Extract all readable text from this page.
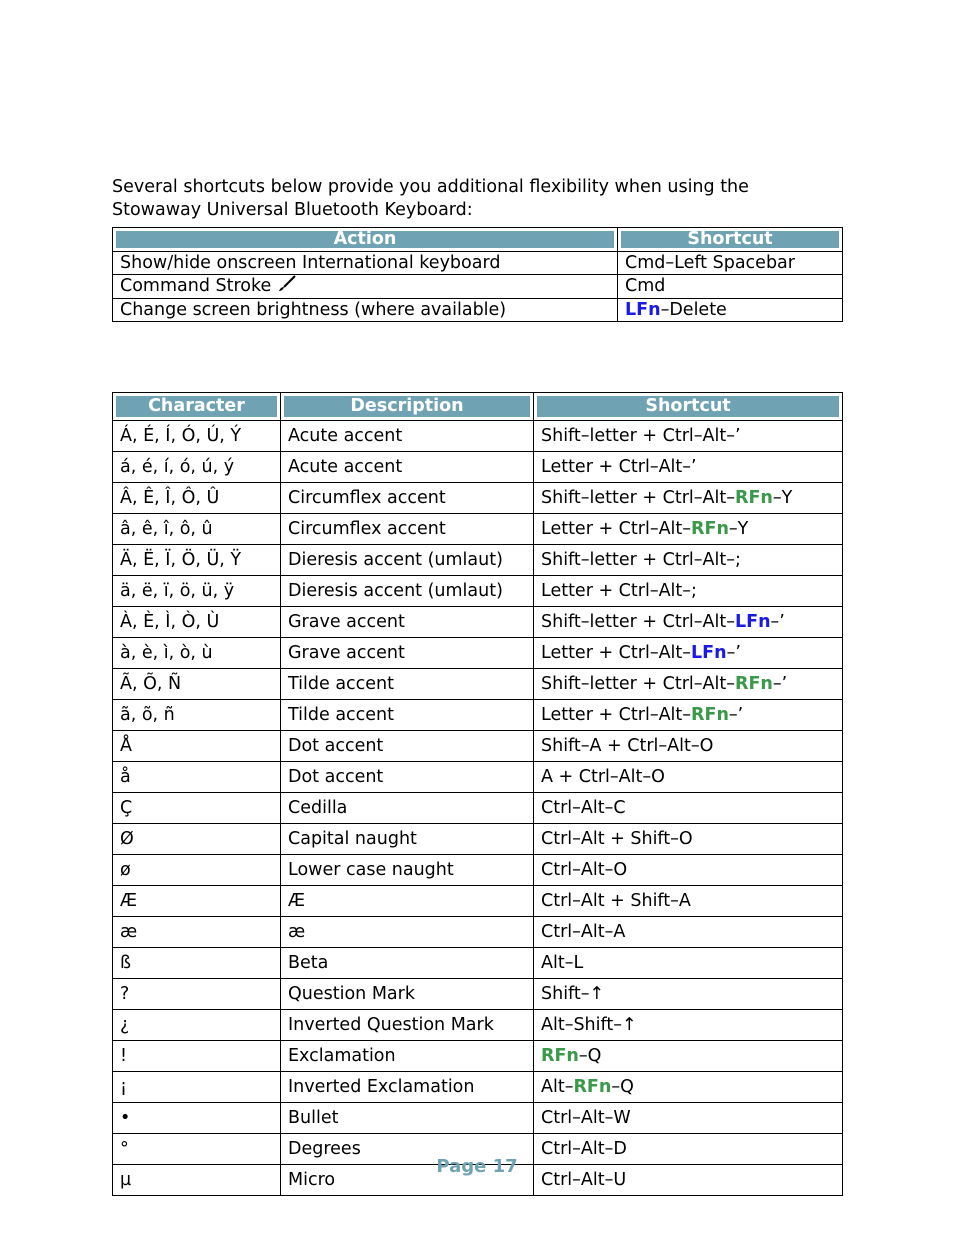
Several shortcuts below provide you additional flexibility when using the Stowaway Universal Bluetooth Keyboard:

Action	Shortcut
Show/hide onscreen International keyboard	Cmd–Left Spacebar
Command Stroke	Cmd
Change screen brightness (where available)	LFn–Delete
Character	Description	Shortcut
Á, É, Í, Ó, Ú, Ý	Acute accent	Shift–letter + Ctrl–Alt–’
á, é, í, ó, ú, ý	Acute accent	Letter + Ctrl–Alt–’
Â, Ê, Î, Ô, Û	Circumflex accent	Shift–letter + Ctrl–Alt–RFn–Y
â, ê, î, ô, û	Circumflex accent	Letter + Ctrl–Alt–RFn–Y
Ä, Ë, Ï, Ö, Ü, Ÿ	Dieresis accent (umlaut)	Shift–letter + Ctrl–Alt–;
ä, ë, ï, ö, ü, ÿ	Dieresis accent (umlaut)	Letter + Ctrl–Alt–;
À, È, Ì, Ò, Ù	Grave accent	Shift–letter + Ctrl–Alt–LFn–’
à, è, ì, ò, ù	Grave accent	Letter + Ctrl–Alt–LFn–’
Ã, Õ, Ñ	Tilde accent	Shift–letter + Ctrl–Alt–RFn–’
ã, õ, ñ	Tilde accent	Letter + Ctrl–Alt–RFn–’
Å	Dot accent	Shift–A + Ctrl–Alt–O
å	Dot accent	A + Ctrl–Alt–O
Ç	Cedilla	Ctrl–Alt–C
Ø	Capital naught	Ctrl–Alt + Shift–O
ø	Lower case naught	Ctrl–Alt–O
Æ	Æ	Ctrl–Alt + Shift–A
æ	æ	Ctrl–Alt–A
ß	Beta	Alt–L
?	Question Mark	Shift–↑
¿	Inverted Question Mark	Alt–Shift–↑
!	Exclamation	RFn–Q
¡	Inverted Exclamation	Alt–RFn–Q
•	Bullet	Ctrl–Alt–W
°	Degrees	Ctrl–Alt–D
µ	Micro	Ctrl–Alt–U
Page 17
